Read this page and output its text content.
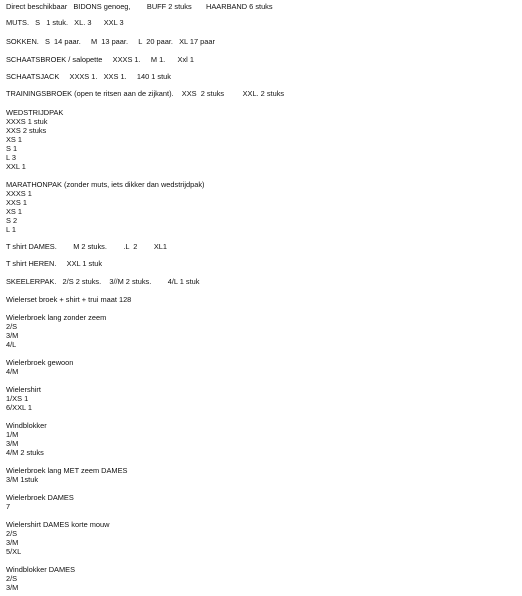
Direct beschikbaar   BIDONS genoeg,        BUFF 2 stuks       HAARBAND 6 stuks
MUTS.   S   1 stuk.   XL. 3      XXL 3
SOKKEN.   S  14 paar.     M  13 paar.     L  20 paar.   XL 17 paar
SCHAATSBROEK / salopette     XXXS 1.     M 1.      Xxl 1
SCHAATSJACK     XXXS 1.   XXS 1.     140 1 stuk
TRAININGSBROEK (open te ritsen aan de zijkant).    XXS  2 stuks         XXL. 2 stuks
WEDSTRIJDPAK
XXXS 1 stuk
XXS 2 stuks
XS 1
S 1
L 3
XXL 1
MARATHONPAK (zonder muts, iets dikker dan wedstrijdpak)
XXXS 1
XXS 1
XS 1
S 2
L 1
T shirt DAMES.        M 2 stuks.        .L  2        XL1
T shirt HEREN.     XXL 1 stuk
SKEELERPAK.   2/S 2 stuks.    3//M 2 stuks.        4/L 1 stuk
Wielerset broek + shirt + trui maat 128
Wielerbroek lang zonder zeem
2/S
3/M
4/L
Wielerbroek gewoon
4/M
Wielershirt
1/XS 1
6/XXL 1
Windblokker
1/M
3/M
4/M 2 stuks
Wielerbroek lang MET zeem DAMES
3/M 1stuk
Wielerbroek DAMES
7
Wielershirt DAMES korte mouw
2/S
3/M
5/XL
Windblokker DAMES
2/S
3/M
